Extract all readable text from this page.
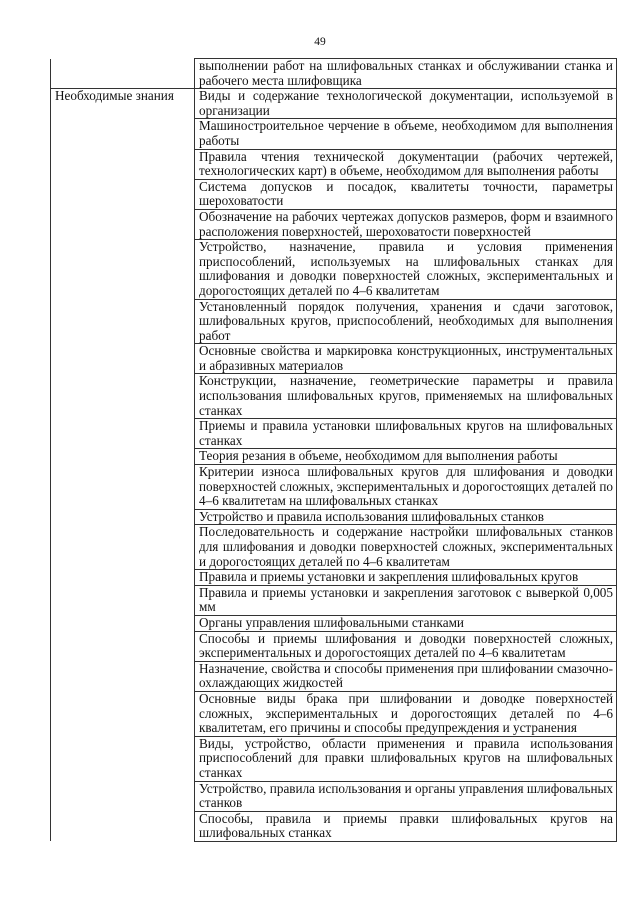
49
	выполнении работ на шлифовальных станках и обслуживании станка и рабочего места шлифовщика
Необходимые знания	Виды и содержание технологической документации, используемой в организации
	Машиностроительное черчение в объеме, необходимом для выполнения работы
	Правила чтения технической документации (рабочих чертежей, технологических карт) в объеме, необходимом для выполнения работы
	Система допусков и посадок, квалитеты точности, параметры шероховатости
	Обозначение на рабочих чертежах допусков размеров, форм и взаимного расположения поверхностей, шероховатости поверхностей
	Устройство, назначение, правила и условия применения приспособлений, используемых на шлифовальных станках для шлифования и доводки поверхностей сложных, экспериментальных и дорогостоящих деталей по 4–6 квалитетам
	Установленный порядок получения, хранения и сдачи заготовок, шлифовальных кругов, приспособлений, необходимых для выполнения работ
	Основные свойства и маркировка конструкционных, инструментальных и абразивных материалов
	Конструкции, назначение, геометрические параметры и правила использования шлифовальных кругов, применяемых на шлифовальных станках
	Приемы и правила установки шлифовальных кругов на шлифовальных станках
	Теория резания в объеме, необходимом для выполнения работы
	Критерии износа шлифовальных кругов для шлифования и доводки поверхностей сложных, экспериментальных и дорогостоящих деталей по 4–6 квалитетам на шлифовальных станках
	Устройство и правила использования шлифовальных станков
	Последовательность и содержание настройки шлифовальных станков для шлифования и доводки поверхностей сложных, экспериментальных и дорогостоящих деталей по 4–6 квалитетам
	Правила и приемы установки и закрепления шлифовальных кругов
	Правила и приемы установки и закрепления заготовок с выверкой 0,005 мм
	Органы управления шлифовальными станками
	Способы и приемы шлифования и доводки поверхностей сложных, экспериментальных и дорогостоящих деталей по 4–6 квалитетам
	Назначение, свойства и способы применения при шлифовании смазочно-охлаждающих жидкостей
	Основные виды брака при шлифовании и доводке поверхностей сложных, экспериментальных и дорогостоящих деталей по 4–6 квалитетам, его причины и способы предупреждения и устранения
	Виды, устройство, области применения и правила использования приспособлений для правки шлифовальных кругов на шлифовальных станках
	Устройство, правила использования и органы управления шлифовальных станков
	Способы, правила и приемы правки шлифовальных кругов на шлифовальных станках
